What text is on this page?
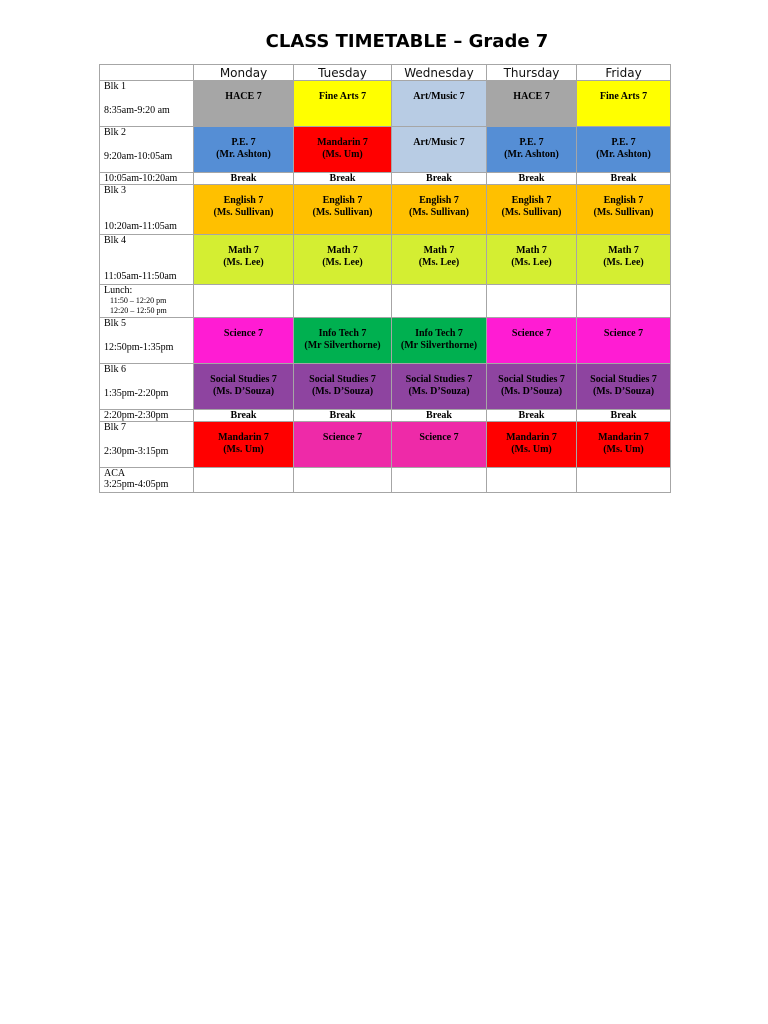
CLASS TIMETABLE – Grade 7
	Monday	Tuesday	Wednesday	Thursday	Friday

Blk 1

8:35am-9:20 am	HACE 7	Fine Arts 7	Art/Music 7	HACE 7	Fine Arts 7

Blk 2

9:20am-10:05am	P.E. 7
(Mr. Ashton)	Mandarin 7
(Ms. Um)	Art/Music 7	P.E. 7
(Mr. Ashton)	P.E. 7
(Mr. Ashton)

10:05am-10:20am	Break	Break	Break	Break	Break

Blk 3
10:20am-11:05am	English 7
(Ms. Sullivan)	English 7
(Ms. Sullivan)	English 7
(Ms. Sullivan)	English 7
(Ms. Sullivan)	English 7
(Ms. Sullivan)

Blk 4
11:05am-11:50am	Math 7
(Ms. Lee)	Math 7
(Ms. Lee)	Math 7
(Ms. Lee)	Math 7
(Ms. Lee)	Math 7
(Ms. Lee)

Lunch:
11:50 – 12:20 pm
12:20 – 12:50 pm					

Blk 5

12:50pm-1:35pm	Science 7	Info Tech 7
(Mr Silverthorne)	Info Tech 7
(Mr Silverthorne)	Science 7	Science 7

Blk 6

1:35pm-2:20pm	Social Studies 7
(Ms. D’Souza)	Social Studies 7
(Ms. D’Souza)	Social Studies 7
(Ms. D’Souza)	Social Studies 7
(Ms. D’Souza)	Social Studies 7
(Ms. D’Souza)

2:20pm-2:30pm	Break	Break	Break	Break	Break

Blk 7

2:30pm-3:15pm	Mandarin 7
(Ms. Um)	Science 7	Science 7	Mandarin 7
(Ms. Um)	Mandarin 7
(Ms. Um)

ACA
3:25pm-4:05pm					
